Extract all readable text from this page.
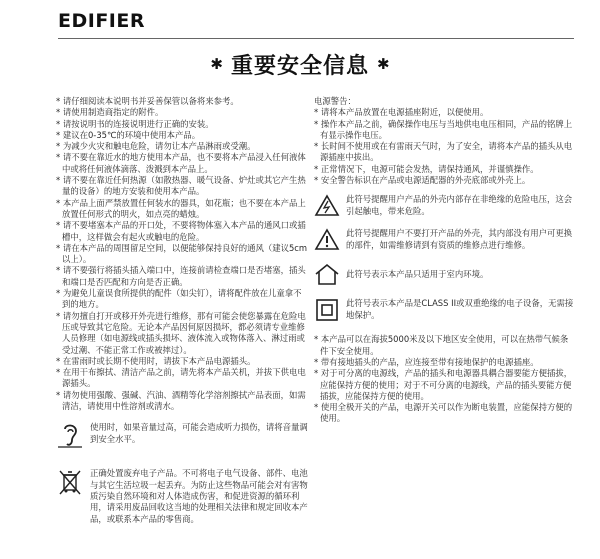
EDIFIER
✱ 重要安全信息 ✱

* 请仔细阅读本说明书并妥善保管以备将来参考。

* 请使用制造商指定的附件。

* 请按说明书的连接说明进行正确的安装。

* 建议在0-35℃的环境中使用本产品。

* 为减少火灾和触电危险，请勿让本产品淋雨或受潮。

* 请不要在靠近水的地方使用本产品，也不要将本产品浸入任何液体中或将任何液体滴落、泼溅到本产品上。

* 请不要在靠近任何热源（如散热器、暖气设备、炉灶或其它产生热量的设备）的地方安装和使用本产品。

* 本产品上面严禁放置任何装水的器具，如花瓶；也不要在本产品上放置任何形式的明火，如点亮的蜡烛。

* 请不要堵塞本产品的开口处，不要将物体塞入本产品的通风口或插槽中，这样做会有起火或触电的危险。

* 请在本产品的周围留足空间，以便能够保持良好的通风（建议5cm以上）。

* 请不要强行将插头插入端口中，连接前请检查端口是否堵塞，插头和端口是否匹配和方向是否正确。

* 为避免儿童误食所提供的配件（如尖钉），请将配件放在儿童拿不到的地方。

* 请勿擅自打开或移开外壳进行维修，那有可能会使您暴露在危险电压或导致其它危险。无论本产品因何原因损坏，都必须请专业维修人员修理（如电源线或插头损坏、液体流入或物体落入、淋过雨或受过潮、不能正常工作或被摔过）。

* 在雷雨时或长期不使用时，请拔下本产品电源插头。

* 在用干布擦拭、清洁产品之前，请先将本产品关机，并拔下供电电源插头。

* 请勿使用强酸、强碱、汽油、酒精等化学溶剂擦拭产品表面，如需清洁，请使用中性溶剂或清水。

使用时，如果音量过高，可能会造成听力损伤，请将音量调到安全水平。
正确处置废弃电子产品。不可将电子电气设备、部件、电池与其它生活垃圾一起丢弃。为防止这些物品可能会对有害物质污染自然环境和对人体造成伤害，和促进资源的循环利用，请采用废品回收这当地的处理相关法律和规定回收本产品，或联系本产品的零售商。

电源警告：

* 请将本产品放置在电源插座附近，以便使用。

* 操作本产品之前，确保操作电压与当地供电电压相同，产品的铭牌上有显示操作电压。

* 长时间不使用或在有雷雨天气时，为了安全，请将本产品的插头从电源插座中拔出。

* 正常情况下，电源可能会发热，请保持通风，并谨慎操作。

* 安全警告标识在产品或电源适配器的外壳底部或外壳上。

此符号提醒用户产品的外壳内部存在非绝缘的危险电压，这会引起触电，带来危险。
此符号提醒用户不要打开产品的外壳，其内部没有用户可更换的部件，如需维修请到有资质的维修点进行维修。
此符号表示本产品只适用于室内环境。
此符号表示本产品是CLASS II或双重绝缘的电子设备，无需接地保护。

* 本产品可以在海拔5000米及以下地区安全使用，可以在热带气候条件下安全使用。

* 带有接地插头的产品，应连接至带有接地保护的电源插座。

* 对于可分离的电源线，产品的插头和电源器具耦合器要能方便插拔，应能保持方便的使用；对于不可分离的电源线，产品的插头要能方便插拔，应能保持方便的使用。

* 使用全极开关的产品，电源开关可以作为断电装置，应能保持方便的使用。
